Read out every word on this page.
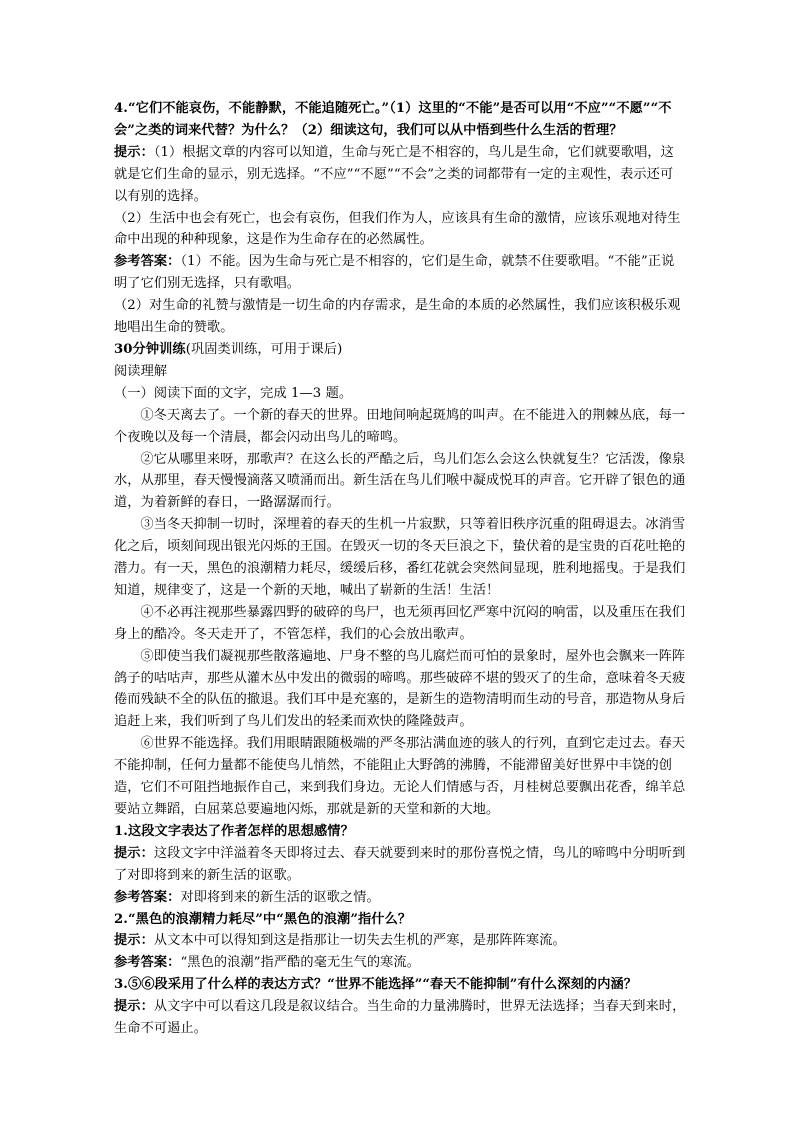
4.“它们不能哀伤，不能静默，不能追随死亡。”（1）这里的“不能”是否可以用“不应”“不愿”“不会”之类的词来代替？为什么？（2）细读这句，我们可以从中悟到些什么生活的哲理？

提示：（1）根据文章的内容可以知道，生命与死亡是不相容的，鸟儿是生命，它们就要歌唱，这就是它们生命的显示，别无选择。“不应”“不愿”“不会”之类的词都带有一定的主观性，表示还可以有别的选择。

（2）生活中也会有死亡，也会有哀伤，但我们作为人，应该具有生命的激情，应该乐观地对待生命中出现的种种现象，这是作为生命存在的必然属性。

参考答案：（1）不能。因为生命与死亡是不相容的，它们是生命，就禁不住要歌唱。“不能”正说明了它们别无选择，只有歌唱。

（2）对生命的礼赞与激情是一切生命的内存需求，是生命的本质的必然属性，我们应该积极乐观地唱出生命的赞歌。

30分钟训练(巩固类训练，可用于课后)

阅读理解

（一）阅读下面的文字，完成 1—3 题。

①冬天离去了。一个新的春天的世界。田地间响起斑鸠的叫声。在不能进入的荆棘丛底，每一个夜晚以及每一个清晨，都会闪动出鸟儿的啼鸣。

②它从哪里来呀，那歌声？在这么长的严酷之后，鸟儿们怎么会这么快就复生？它活泼，像泉水，从那里，春天慢慢滴落又喷涌而出。新生活在鸟儿们喉中凝成悦耳的声音。它开辟了银色的通道，为着新鲜的春日，一路潺潺而行。

③当冬天抑制一切时，深埋着的春天的生机一片寂默，只等着旧秩序沉重的阻碍退去。冰消雪化之后，顷刻间现出银光闪烁的王国。在毁灭一切的冬天巨浪之下，蛰伏着的是宝贵的百花吐艳的潜力。有一天，黑色的浪潮精力耗尽，缓缓后移，番红花就会突然间显现，胜利地摇曳。于是我们知道，规律变了，这是一个新的天地，喊出了崭新的生活！生活！

④不必再注视那些暴露四野的破碎的鸟尸，也无须再回忆严寒中沉闷的响雷，以及重压在我们身上的酷冷。冬天走开了，不管怎样，我们的心会放出歌声。

⑤即使当我们凝视那些散落遍地、尸身不整的鸟儿腐烂而可怕的景象时，屋外也会飘来一阵阵鸽子的咕咕声，那些从灌木丛中发出的微弱的啼鸣。那些破碎不堪的毁灭了的生命，意味着冬天疲倦而残缺不全的队伍的撤退。我们耳中是充塞的，是新生的造物清明而生动的号音，那造物从身后追赶上来，我们听到了鸟儿们发出的轻柔而欢快的隆隆鼓声。

⑥世界不能选择。我们用眼睛跟随极端的严冬那沾满血迹的骇人的行列，直到它走过去。春天不能抑制，任何力量都不能使鸟儿悄然，不能阻止大野鸽的沸腾，不能滞留美好世界中丰饶的创造，它们不可阻挡地振作自己，来到我们身边。无论人们情感与否，月桂树总要飘出花香，绵羊总要站立舞蹈，白屈菜总要遍地闪烁，那就是新的天堂和新的大地。

1.这段文字表达了作者怎样的思想感情？

提示：这段文字中洋溢着冬天即将过去、春天就要到来时的那份喜悦之情，鸟儿的啼鸣中分明听到了对即将到来的新生活的讴歌。

参考答案：对即将到来的新生活的讴歌之情。

2.“黑色的浪潮精力耗尽”中“黑色的浪潮”指什么？

提示：从文本中可以得知到这是指那让一切失去生机的严寒，是那阵阵寒流。

参考答案：“黑色的浪潮”指严酷的毫无生气的寒流。

3.⑤⑥段采用了什么样的表达方式？“世界不能选择”“春天不能抑制”有什么深刻的内涵？

提示：从文字中可以看这几段是叙议结合。当生命的力量沸腾时，世界无法选择；当春天到来时，生命不可遏止。
